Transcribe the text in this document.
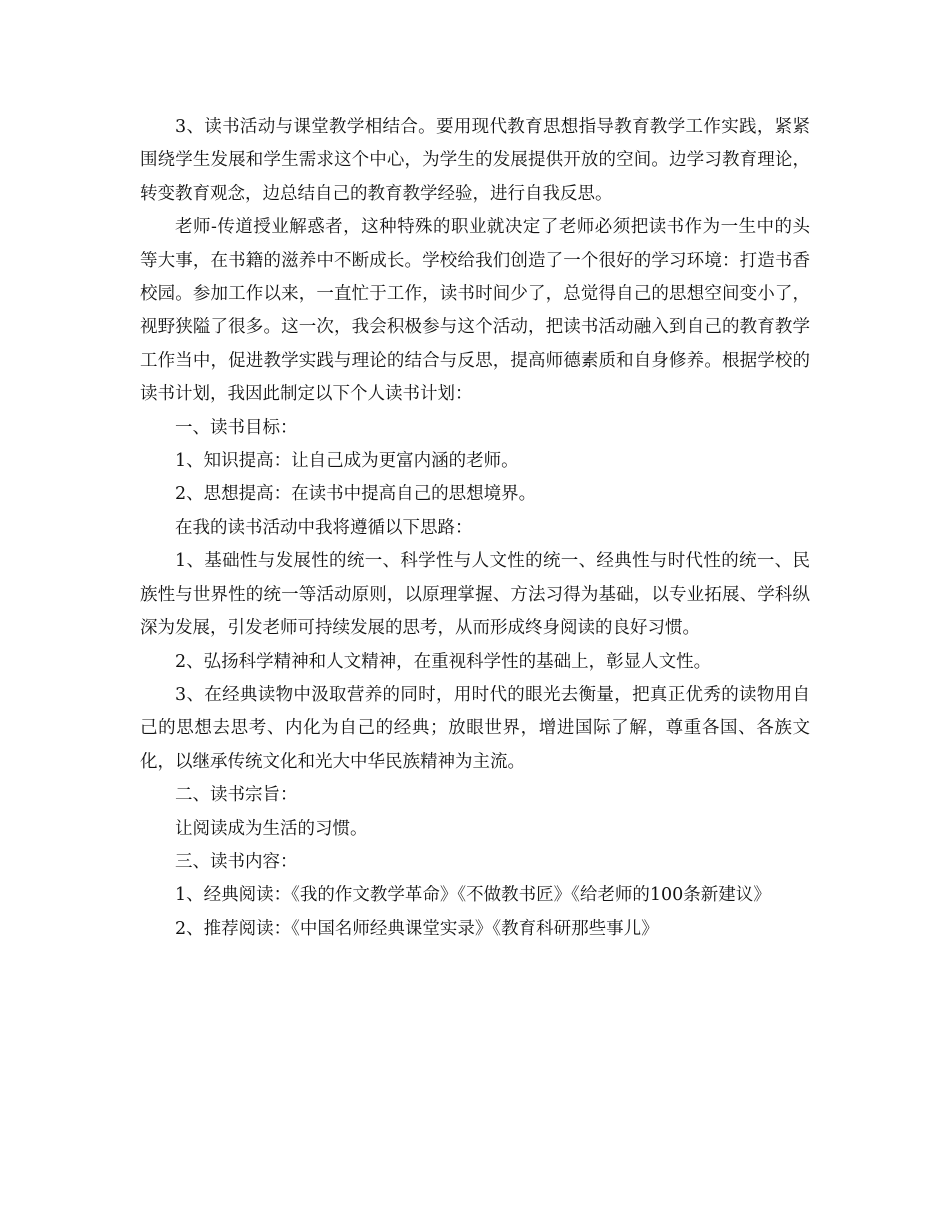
3、读书活动与课堂教学相结合。要用现代教育思想指导教育教学工作实践，紧紧围绕学生发展和学生需求这个中心，为学生的发展提供开放的空间。边学习教育理论，转变教育观念，边总结自己的教育教学经验，进行自我反思。

老师-传道授业解惑者，这种特殊的职业就决定了老师必须把读书作为一生中的头等大事，在书籍的滋养中不断成长。学校给我们创造了一个很好的学习环境：打造书香校园。参加工作以来，一直忙于工作，读书时间少了，总觉得自己的思想空间变小了，视野狭隘了很多。这一次，我会积极参与这个活动，把读书活动融入到自己的教育教学工作当中，促进教学实践与理论的结合与反思，提高师德素质和自身修养。根据学校的读书计划，我因此制定以下个人读书计划：

一、读书目标：

1、知识提高：让自己成为更富内涵的老师。

2、思想提高：在读书中提高自己的思想境界。

在我的读书活动中我将遵循以下思路：

1、基础性与发展性的统一、科学性与人文性的统一、经典性与时代性的统一、民族性与世界性的统一等活动原则，以原理掌握、方法习得为基础，以专业拓展、学科纵深为发展，引发老师可持续发展的思考，从而形成终身阅读的良好习惯。

2、弘扬科学精神和人文精神，在重视科学性的基础上，彰显人文性。

3、在经典读物中汲取营养的同时，用时代的眼光去衡量，把真正优秀的读物用自己的思想去思考、内化为自己的经典；放眼世界，增进国际了解，尊重各国、各族文化，以继承传统文化和光大中华民族精神为主流。

二、读书宗旨：

让阅读成为生活的习惯。

三、读书内容：

1、经典阅读：《我的作文教学革命》《不做教书匠》《给老师的100条新建议》

2、推荐阅读：《中国名师经典课堂实录》《教育科研那些事儿》
